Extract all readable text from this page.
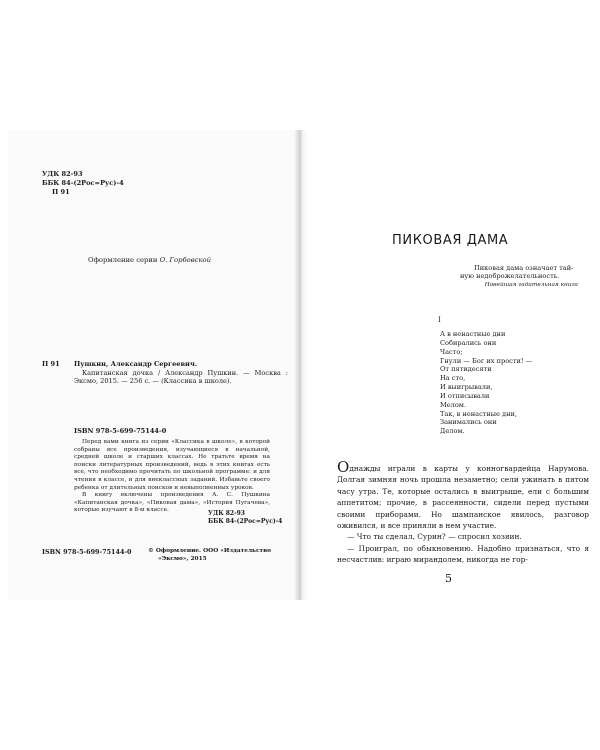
УДК 82-93
ББК 84-(2Рос=Рус)-4
П 91
Оформление серии О. Горбовской
П 91	Пушкин, Александр Сергеевич.
Капитанская дочка / Александр Пушкин. — Москва : Эксмо, 2015. — 256 с. — (Классика в школе).
ISBN 978-5-699-75144-0

Перед вами книга из серии «Классика в школе», в которой собраны все произведения, изучающиеся в начальной, средней школе и старших классах. Не тратьте время на поиски литературных произведений, ведь в этих книгах есть все, что необходимо прочитать по школьной программе: и для чтения в классе, и для внеклассных заданий. Избавьте своего ребенка от длительных поисков и невыполненных уроков.

В книгу включены произведения А. С. Пушкина «Капитанская дочка», «Пиковая дама», «История Пугачева», которые изучают в 8-м классе.	УДК 82-93
ББК 84-(2Рос=Рус)-4
ISBN 978-5-699-75144-0	© Оформление. ООО «Издательство
«Эксмо», 2015
ПИКОВАЯ ДАМА
Пиковая дама означает тай-
ную недоброжелательность.
Новейшая гадательная книга
I
А в ненастные дни
Собирались они
Часто;
Гнули — Бог их прости! —
От пятидесяти
На сто,
И выигрывали,
И отписывали
Мелом.
Так, в ненастные дни,
Занимались они
Делом.

Однажды играли в карты у конногвардейца Нарумова. Долгая зимняя ночь прошла незаметно; сели ужинать в пятом часу утра. Те, которые остались в выигрыше, ели с большим аппетитом; прочие, в рассеянности, сидели перед пустыми своими приборами. Но шампанское явилось, разговор оживился, и все приняли в нем участие.

— Что ты сделал, Сурин? — спросил хозяин.

— Проиграл, по обыкновению. Надобно признаться, что я несчастлив: играю мирандолем, никогда не гор-

5
